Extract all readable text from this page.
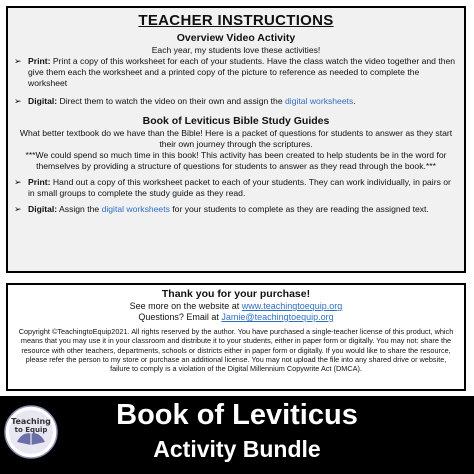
TEACHER INSTRUCTIONS
Overview Video Activity
Each year, my students love these activities!
➢ Print: Print a copy of this worksheet for each of your students. Have the class watch the video together and then give them each the worksheet and a printed copy of the picture to reference as needed to complete the worksheet
➢ Digital: Direct them to watch the video on their own and assign the digital worksheets.
Book of Leviticus Bible Study Guides
What better textbook do we have than the Bible! Here is a packet of questions for students to answer as they start their own journey through the scriptures.
***We could spend so much time in this book! This activity has been created to help students be in the word for themselves by providing a structure of questions for students to answer as they read through the book.***
➢ Print: Hand out a copy of this worksheet packet to each of your students. They can work individually, in pairs or in small groups to complete the study guide as they read.
➢ Digital: Assign the digital worksheets for your students to complete as they are reading the assigned text.
Thank you for your purchase!
See more on the website at www.teachingtoequip.org
Questions? Email at Jamie@teachingtoequip.org
Copyright ©TeachingtoEquip2021. All rights reserved by the author. You have purchased a single-teacher license of this product, which means that you may use it in your classroom and distribute it to your students, either in paper form or digitally. You may not: share the resource with other teachers, departments, schools or districts either in paper form or digitally. If you would like to share the resource, please refer the person to my store or purchase an additional license. You may not upload the file into any shared drive or website, failure to comply is a violation of the Digital Millennium Copywrite Act (DMCA).
Book of Leviticus
Activity Bundle
Teaching
to Equip
